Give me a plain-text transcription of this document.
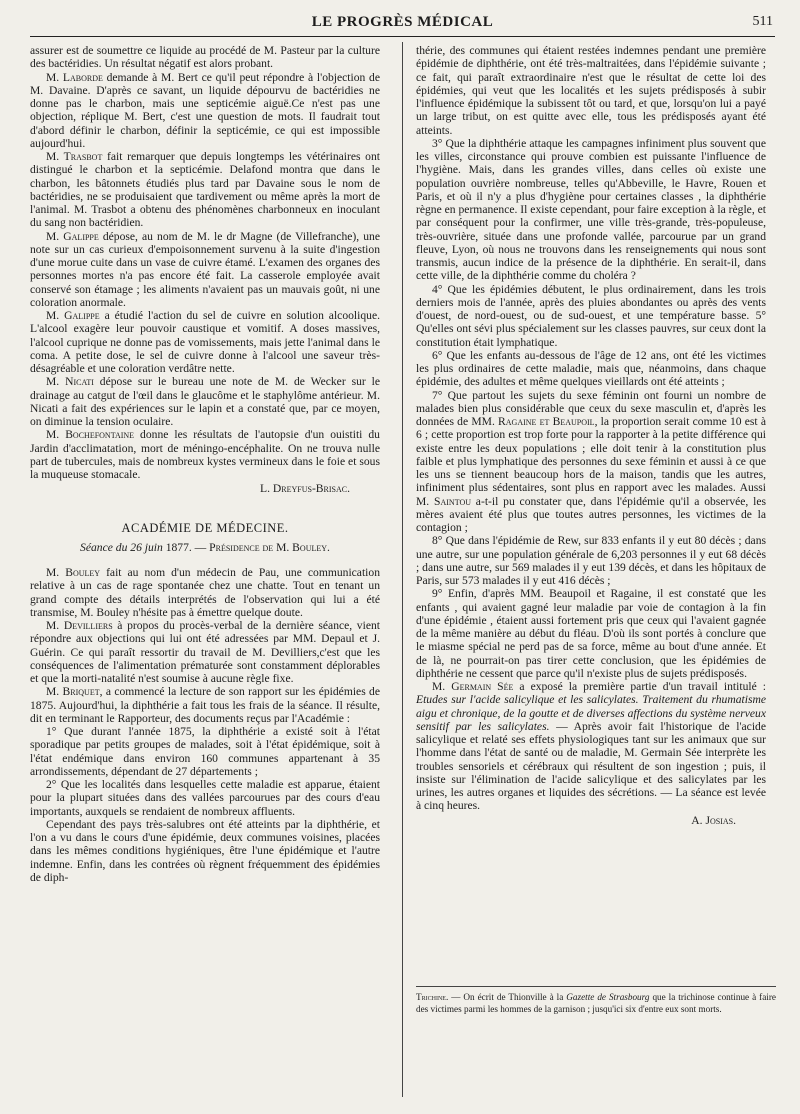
LE PROGRÈS MÉDICAL	511

assurer est de soumettre ce liquide au procédé de M. Pasteur par la culture des bactéridies. Un résultat négatif est alors probant.

M. Laborde demande à M. Bert ce qu'il peut répondre à l'objection de M. Davaine. D'après ce savant, un liquide dépourvu de bactéridies ne donne pas le charbon, mais une septicémie aiguë.Ce n'est pas une objection, réplique M. Bert, c'est une question de mots. Il faudrait tout d'abord définir le charbon, définir la septicémie, ce qui est impossible aujourd'hui.

M. Trasbot fait remarquer que depuis longtemps les vétérinaires ont distingué le charbon et la septicémie. Delafond montra que dans le charbon, les bâtonnets étudiés plus tard par Davaine sous le nom de bactéridies, ne se produisaient que tardivement ou même après la mort de l'animal. M. Trasbot a obtenu des phénomènes charbonneux en inoculant du sang non bactéridien.

M. Galippe dépose, au nom de M. le dr Magne (de Villefranche), une note sur un cas curieux d'empoisonnement survenu à la suite d'ingestion d'une morue cuite dans un vase de cuivre étamé. L'examen des organes des personnes mortes n'a pas encore été fait. La casserole employée avait conservé son étamage ; les aliments n'avaient pas un mauvais goût, ni une coloration anormale.

M. Galippe a étudié l'action du sel de cuivre en solution alcoolique. L'alcool exagère leur pouvoir caustique et vomitif. A doses massives, l'alcool cuprique ne donne pas de vomissements, mais jette l'animal dans le coma. A petite dose, le sel de cuivre donne à l'alcool une saveur très-désagréable et une coloration verdâtre nette.

M. Nicati dépose sur le bureau une note de M. de Wecker sur le drainage au catgut de l'œil dans le glaucôme et le staphylôme antérieur. M. Nicati a fait des expériences sur le lapin et a constaté que, par ce moyen, on diminue la tension oculaire.

M. Bochefontaine donne les résultats de l'autopsie d'un ouistiti du Jardin d'acclimatation, mort de méningo-encéphalite. On ne trouva nulle part de tubercules, mais de nombreux kystes vermineux dans le foie et sous la muqueuse stomacale.

L. Dreyfus-Brisac.

ACADÉMIE DE MÉDECINE.
Séance du 26 juin 1877. — Présidence de M. Bouley.

M. Bouley fait au nom d'un médecin de Pau, une communication relative à un cas de rage spontanée chez une chatte. Tout en tenant un grand compte des détails interprétés de l'observation qui lui a été transmise, M. Bouley n'hésite pas à émettre quelque doute.

M. Devilliers à propos du procès-verbal de la dernière séance, vient répondre aux objections qui lui ont été adressées par MM. Depaul et J. Guérin. Ce qui paraît ressortir du travail de M. Devilliers,c'est que les conséquences de l'alimentation prématurée sont constamment déplorables et que la morti-natalité n'est soumise à aucune règle fixe.

M. Briquet, a commencé la lecture de son rapport sur les épidémies de 1875. Aujourd'hui, la diphthérie a fait tous les frais de la séance. Il résulte, dit en terminant le Rapporteur, des documents reçus par l'Académie :

1° Que durant l'année 1875, la diphthérie a existé soit à l'état sporadique par petits groupes de malades, soit à l'état épidémique, soit à l'état endémique dans environ 160 communes appartenant à 35 arrondissements, dépendant de 27 départements ;

2° Que les localités dans lesquelles cette maladie est apparue, étaient pour la plupart situées dans des vallées parcourues par des cours d'eau importants, auxquels se rendaient de nombreux affluents.

Cependant des pays très-salubres ont été atteints par la diphthérie, et l'on a vu dans le cours d'une épidémie, deux communes voisines, placées dans les mêmes conditions hygiéniques, être l'une épidémique et l'autre indemne. Enfin, dans les contrées où règnent fréquemment des épidémies de diph-

thérie, des communes qui étaient restées indemnes pendant une première épidémie de diphthérie, ont été très-maltraitées, dans l'épidémie suivante ; ce fait, qui paraît extraordinaire n'est que le résultat de cette loi des épidémies, qui veut que les localités et les sujets prédisposés à subir l'influence épidémique la subissent tôt ou tard, et que, lorsqu'on lui a payé un large tribut, on est quitte avec elle, tous les prédisposés ayant été atteints.

3° Que la diphthérie attaque les campagnes infiniment plus souvent que les villes, circonstance qui prouve combien est puissante l'influence de l'hygiène. Mais, dans les grandes villes, dans celles où existe une population ouvrière nombreuse, telles qu'Abbeville, le Havre, Rouen et Paris, et où il n'y a plus d'hygiène pour certaines classes , la diphthérie règne en permanence. Il existe cependant, pour faire exception à la règle, et par conséquent pour la confirmer, une ville très-grande, très-populeuse, très-ouvrière, située dans une profonde vallée, parcourue par un grand fleuve, Lyon, où nous ne trouvons dans les renseignements qui nous sont transmis, aucun indice de la présence de la diphthérie. En serait-il, dans cette ville, de la diphthérie comme du choléra ?

4° Que les épidémies débutent, le plus ordinairement, dans les trois derniers mois de l'année, après des pluies abondantes ou après des vents d'ouest, de nord-ouest, ou de sud-ouest, et une température basse. 5° Qu'elles ont sévi plus spécialement sur les classes pauvres, sur ceux dont la constitution était lymphatique.

6° Que les enfants au-dessous de l'âge de 12 ans, ont été les victimes les plus ordinaires de cette maladie, mais que, néanmoins, dans chaque épidémie, des adultes et même quelques vieillards ont été atteints ;

7° Que partout les sujets du sexe féminin ont fourni un nombre de malades bien plus considérable que ceux du sexe masculin et, d'après les données de MM. Ragaine et Beaupoil, la proportion serait comme 10 est à 6 ; cette proportion est trop forte pour la rapporter à la petite différence qui existe entre les deux populations ; elle doit tenir à la constitution plus faible et plus lymphatique des personnes du sexe féminin et aussi à ce que les uns se tiennent beaucoup hors de la maison, tandis que les autres, infiniment plus sédentaires, sont plus en rapport avec les malades. Aussi M. Saintou a-t-il pu constater que, dans l'épidémie qu'il a observée, les mères avaient été plus que toutes autres personnes, les victimes de la contagion ;

8° Que dans l'épidémie de Rew, sur 833 enfants il y eut 80 décès ; dans une autre, sur une population générale de 6,203 personnes il y eut 68 décès ; dans une autre, sur 569 malades il y eut 139 décès, et dans les hôpitaux de Paris, sur 573 malades il y eut 416 décès ;

9° Enfin, d'après MM. Beaupoil et Ragaine, il est constaté que les enfants , qui avaient gagné leur maladie par voie de contagion à la fin d'une épidémie , étaient aussi fortement pris que ceux qui l'avaient gagnée de la même manière au début du fléau. D'où ils sont portés à conclure que le miasme spécial ne perd pas de sa force, même au bout d'une année. Et de là, ne pourrait-on pas tirer cette conclusion, que les épidémies de diphthérie ne cessent que parce qu'il n'existe plus de sujets prédisposés.

M. Germain Sée a exposé la première partie d'un travail intitulé : Etudes sur l'acide salicylique et les salicylates. Traitement du rhumatisme aigu et chronique, de la goutte et de diverses affections du système nerveux sensitif par les salicylates. — Après avoir fait l'historique de l'acide salicylique et relaté ses effets physiologiques tant sur les animaux que sur l'homme dans l'état de santé ou de maladie, M. Germain Sée interprète les troubles sensoriels et cérébraux qui résultent de son ingestion ; puis, il insiste sur l'élimination de l'acide salicylique et des salicylates par les urines, les autres organes et liquides des sécrétions. — La séance est levée à cinq heures.

A. Josias.

Trichine. — On écrit de Thionville à la Gazette de Strasbourg que la trichinose continue à faire des victimes parmi les hommes de la garnison ; jusqu'ici six d'entre eux sont morts.
